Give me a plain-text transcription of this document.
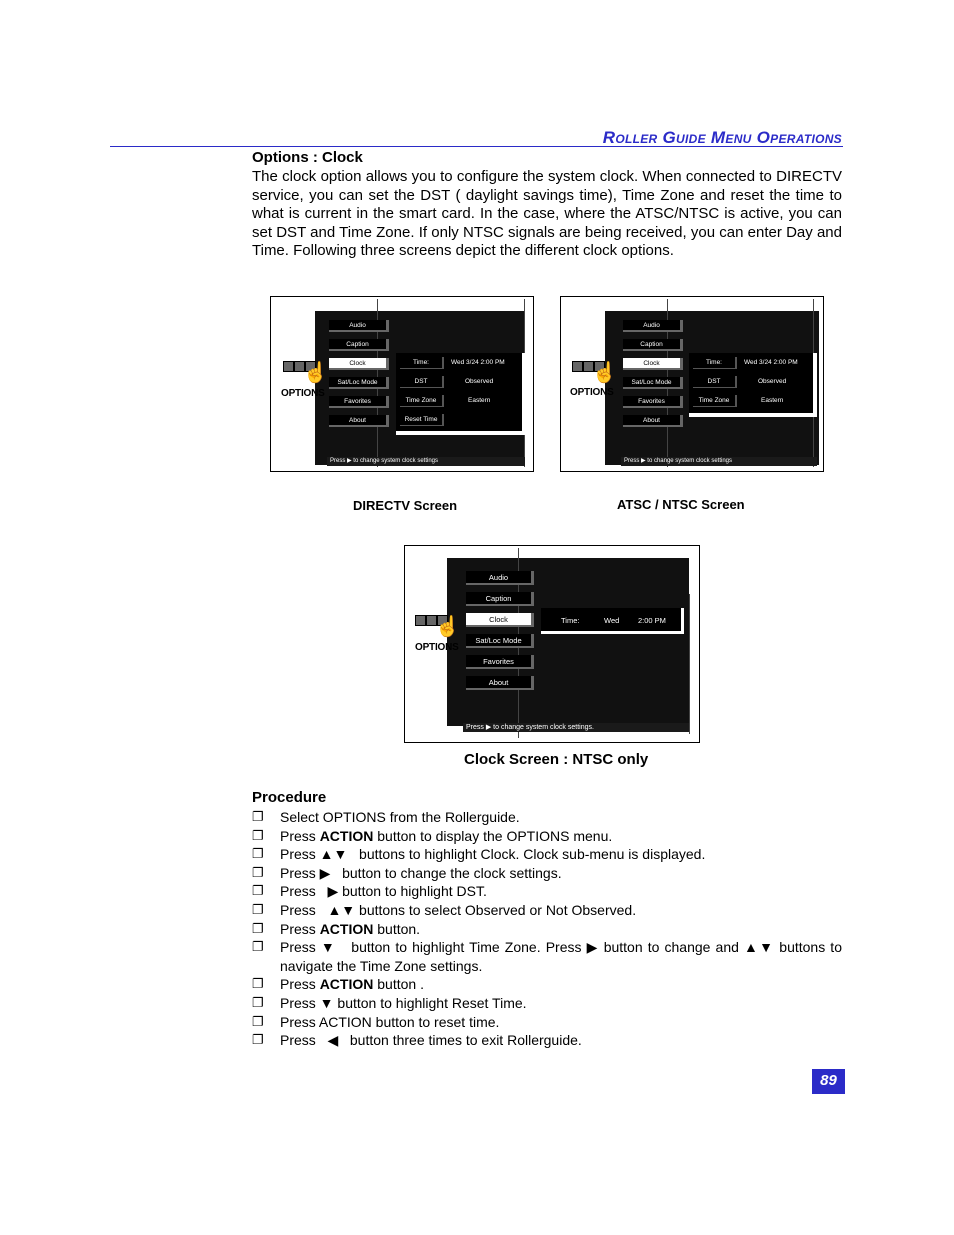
Roller Guide Menu Operations
Options : Clock

The clock option allows you to configure the system clock. When connected to DIRECTV service, you can set the DST ( daylight savings time), Time Zone and reset the time to what is current in the smart card. In the case, where the ATSC/NTSC is active, you can set DST and Time Zone. If only NTSC signals are being received, you can enter Day and Time. Following three screens depict the different clock options.

☝
OPTIONS
Audio
Caption
Clock
Sat/Loc Mode
Favorites
About
Time:	Wed 3/24 2:00 PM
DST	Observed
Time Zone	Eastern
Reset Time
Press ▶ to change system clock settings
DIRECTV Screen
☝
OPTIONS
Audio
Caption
Clock
Sat/Loc Mode
Favorites
About
Time:	Wed 3/24 2:00 PM
DST	Observed
Time Zone	Eastern
Press ▶ to change system clock settings
ATSC / NTSC Screen
☝
OPTIONS
Audio
Caption
Clock
Sat/Loc Mode
Favorites
About
Time:	Wed 2:00 PM
Press ▶ to change system clock settings.
Clock Screen : NTSC only
Procedure
❐ Select OPTIONS from the Rollerguide.
❐ Press ACTION button to display the OPTIONS menu.
❐ Press ▲▼   buttons to highlight Clock. Clock sub-menu is displayed.
❐ Press ▶   button to change the clock settings.
❐ Press   ▶ button to highlight DST.
❐ Press   ▲▼ buttons to select Observed or Not Observed.
❐ Press ACTION button.
❐ Press ▼   button to highlight Time Zone. Press ▶ button to change and ▲▼ buttons to navigate the Time Zone settings.
❐ Press ACTION button .
❐ Press ▼ button to highlight Reset Time.
❐ Press ACTION button to reset time.
❐ Press   ◀   button three times to exit Rollerguide.
89
